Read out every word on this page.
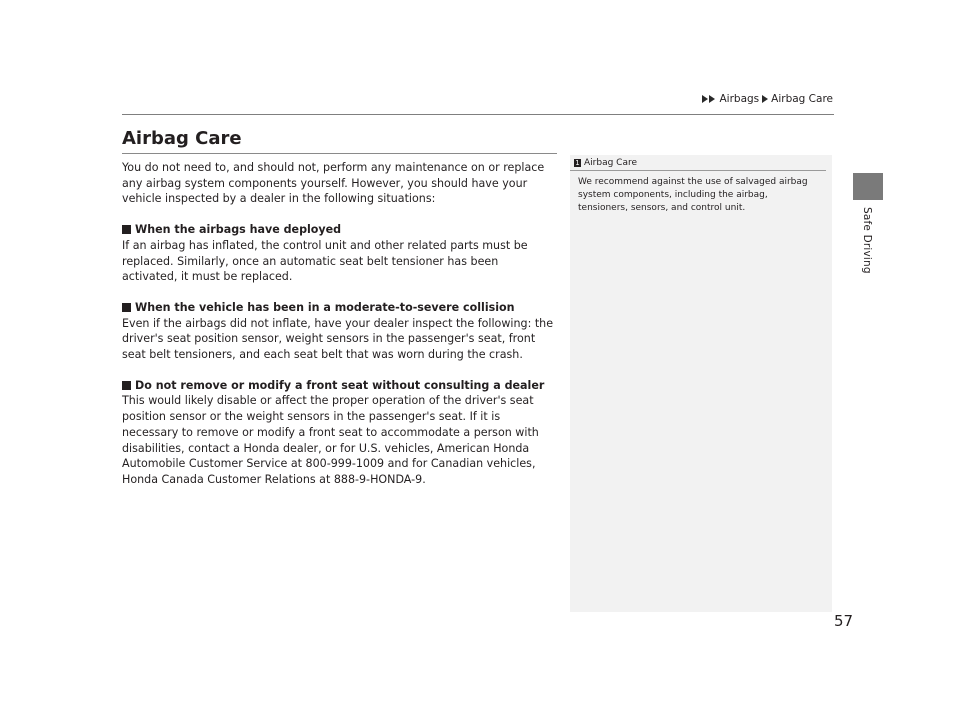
Airbags Airbag Care
Safe Driving
Airbag Care

You do not need to, and should not, perform any maintenance on or replace any airbag system components yourself. However, you should have your vehicle inspected by a dealer in the following situations:

When the airbags have deployed

If an airbag has inflated, the control unit and other related parts must be replaced. Similarly, once an automatic seat belt tensioner has been activated, it must be replaced.

When the vehicle has been in a moderate-to-severe collision

Even if the airbags did not inflate, have your dealer inspect the following: the driver's seat position sensor, weight sensors in the passenger's seat, front seat belt tensioners, and each seat belt that was worn during the crash.

Do not remove or modify a front seat without consulting a dealer

This would likely disable or affect the proper operation of the driver's seat position sensor or the weight sensors in the passenger's seat. If it is necessary to remove or modify a front seat to accommodate a person with disabilities, contact a Honda dealer, or for U.S. vehicles, American Honda Automobile Customer Service at 800-999-1009 and for Canadian vehicles, Honda Canada Customer Relations at 888-9-HONDA-9.

1 Airbag Care

We recommend against the use of salvaged airbag system components, including the airbag, tensioners, sensors, and control unit.

57
